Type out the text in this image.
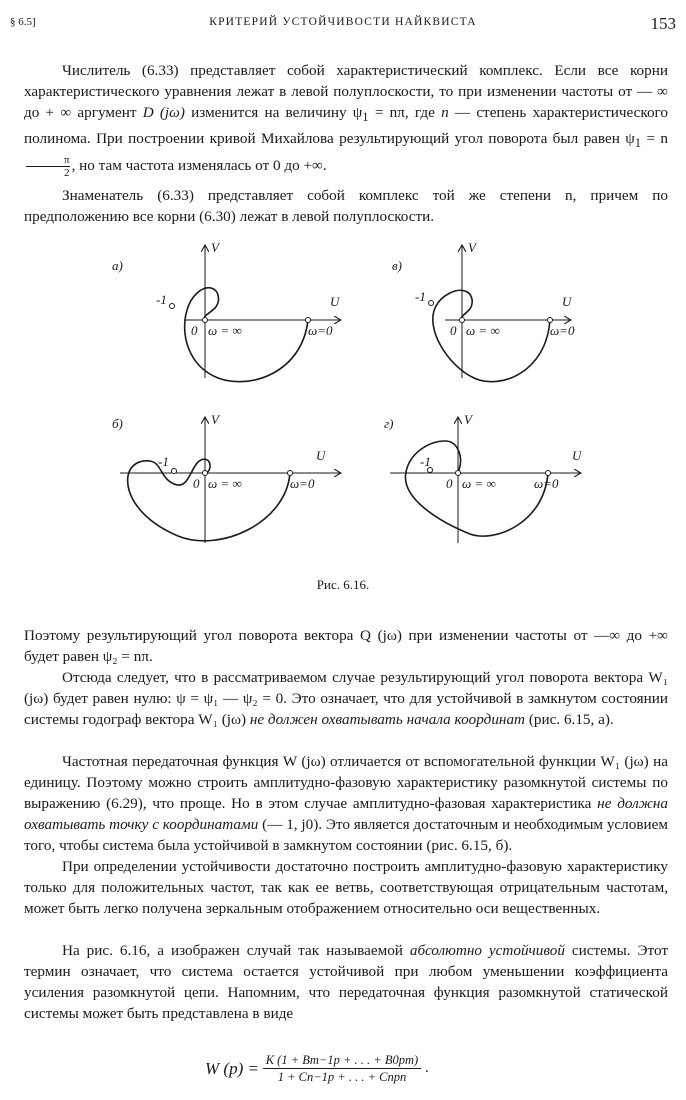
§ 6.5]	КРИТЕРИЙ УСТОЙЧИВОСТИ НАЙКВИСТА	153

Числитель (6.33) представляет собой характеристический комплекс. Если все корни характеристического уравнения лежат в левой полуплоскости, то при изменении частоты от — ∞ до + ∞ аргумент D (jω) изменится на величину $\psi_1 = n\pi$, где n — степень характеристического полинома. При построении кривой Михайлова результирующий угол поворота был равен $\psi_1 = n$
$\frac{\pi}{2}$ , но там частота изменялась от 0 до +∞.

Знаменатель (6.33) представляет собой комплекс той же степени n, причем по предположению все корни (6.30) лежат в левой полуплоскости.

а)
V
U
-1
0 ω = ∞	ω=0
в)
V
U
-1
0 ω = ∞	ω=0
б)	V
U
-1
0 ω = ∞	ω=0
г)	V
U
-1
0 ω = ∞	ω=0
Рис. 6.16.

Поэтому результирующий угол поворота вектора Q (jω) при изменении частоты от —∞ до +∞ будет равен ψ₂ = nπ.

Отсюда следует, что в рассматриваемом случае результирующий угол поворота вектора W₁ (jω) будет равен нулю: ψ = ψ₁ — ψ₂ = 0. Это означает, что для устойчивой в замкнутом состоянии системы годограф вектора W₁ (jω) не должен охватывать начала координат (рис. 6.15, а).

Частотная передаточная функция W (jω) отличается от вспомогательной функции W₁ (jω) на единицу. Поэтому можно строить амплитудно-фазовую характеристику разомкнутой системы по выражению (6.29), что проще. Но в этом случае амплитудно-фазовая характеристика не должна охватывать точку с координатами (— 1, j0). Это является достаточным и необходимым условием того, чтобы система была устойчивой в замкнутом состоянии (рис. 6.15, б).

При определении устойчивости достаточно построить амплитудно-фазовую характеристику только для положительных частот, так как ее ветвь, соответствующая отрицательным частотам, может быть легко получена зеркальным отображением относительно оси вещественных.

На рис. 6.16, а изображен случай так называемой абсолютно устойчивой системы. Этот термин означает, что система остается устойчивой при любом уменьшении коэффициента усиления разомкнутой цепи. Напомним, что передаточная функция разомкнутой статической системы может быть представлена в виде

W (p) = K (1 + Bm−1p + . . . + B0pm)
1 + Cn−1p + . . . + Cnpn
.
